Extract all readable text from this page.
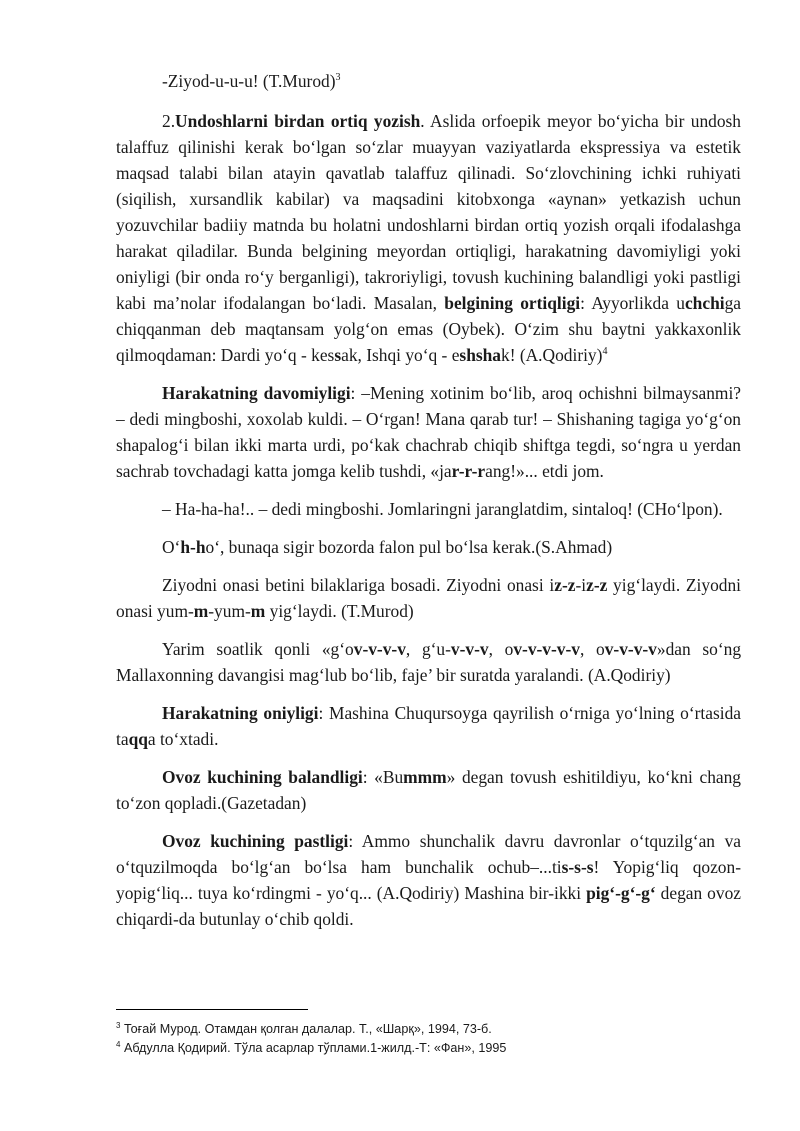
-Ziyod-u-u-u! (T.Murod)$^3$

2.Undoshlarni birdan ortiq yozish. Aslida orfoepik meyor bo‘yicha bir undosh talaffuz qilinishi kerak bo‘lgan so‘zlar muayyan vaziyatlarda ekspressiya va estetik maqsad talabi bilan atayin qavatlab talaffuz qilinadi. So‘zlovchining ichki ruhiyati (siqilish, xursandlik kabilar) va maqsadini kitobxonga «aynan» yetkazish uchun yozuvchilar badiiy matnda bu holatni undoshlarni birdan ortiq yozish orqali ifodalashga harakat qiladilar. Bunda belgining meyordan ortiqligi, harakatning davomiyligi yoki oniyligi (bir onda ro‘y berganligi), takroriyligi, tovush kuchining balandligi yoki pastligi kabi ma’nolar ifodalangan bo‘ladi. Masalan, belgining ortiqligi: Ayyorlikda uchchiga chiqqanman deb maqtansam yolg‘on emas (Oybek). O‘zim shu baytni yakkaxonlik qilmoqdaman: Dardi yo‘q - kessak, Ishqi yo‘q - eshshak! (A.Qodiriy)$^4$

Harakatning davomiyligi: –Mening xotinim bo‘lib, aroq ochishni bilmaysanmi? – dedi mingboshi, xoxolab kuldi. – O‘rgan! Mana qarab tur! – Shishaning tagiga yo‘g‘on shapalog‘i bilan ikki marta urdi, po‘kak chachrab chiqib shiftga tegdi, so‘ngra u yerdan sachrab tovchadagi katta jomga kelib tushdi, «jar-r-rang!»... etdi jom.

– Ha-ha-ha!.. – dedi mingboshi. Jomlaringni jaranglatdim, sintaloq! (CHo‘lpon).

O‘h-ho‘, bunaqa sigir bozorda falon pul bo‘lsa kerak.(S.Ahmad)

Ziyodni onasi betini bilaklariga bosadi. Ziyodni onasi iz-z-iz-z yig‘laydi. Ziyodni onasi yum-m-yum-m yig‘laydi. (T.Murod)

Yarim soatlik qonli «g‘ov-v-v-v, g‘u-v-v-v, ov-v-v-v-v, ov-v-v-v»dan so‘ng Mallaxonning davangisi mag‘lub bo‘lib, faje’ bir suratda yaralandi. (A.Qodiriy)

Harakatning oniyligi: Mashina Chuqursoyga qayrilish o‘rniga yo‘lning o‘rtasida taqqa to‘xtadi.

Ovoz kuchining balandligi: «Bummm» degan tovush eshitildiyu, ko‘kni chang to‘zon qopladi.(Gazetadan)

Ovoz kuchining pastligi: Ammo shunchalik davru davronlar o‘tquzilg‘an va o‘tquzilmoqda bo‘lg‘an bo‘lsa ham bunchalik ochub–...tis-s-s! Yopig‘liq qozon-yopig‘liq... tuya ko‘rdingmi - yo‘q... (A.Qodiriy) Mashina bir-ikki pig‘-g‘-g‘ degan ovoz chiqardi-da butunlay o‘chib qoldi.

$^3$ Тоғай Мурод. Отамдан қолган далалар. Т., «Шарқ», 1994, 73-б.
$^4$ Абдулла Қодирий. Тўла асарлар тўплами.1-жилд.-Т: «Фан», 1995
